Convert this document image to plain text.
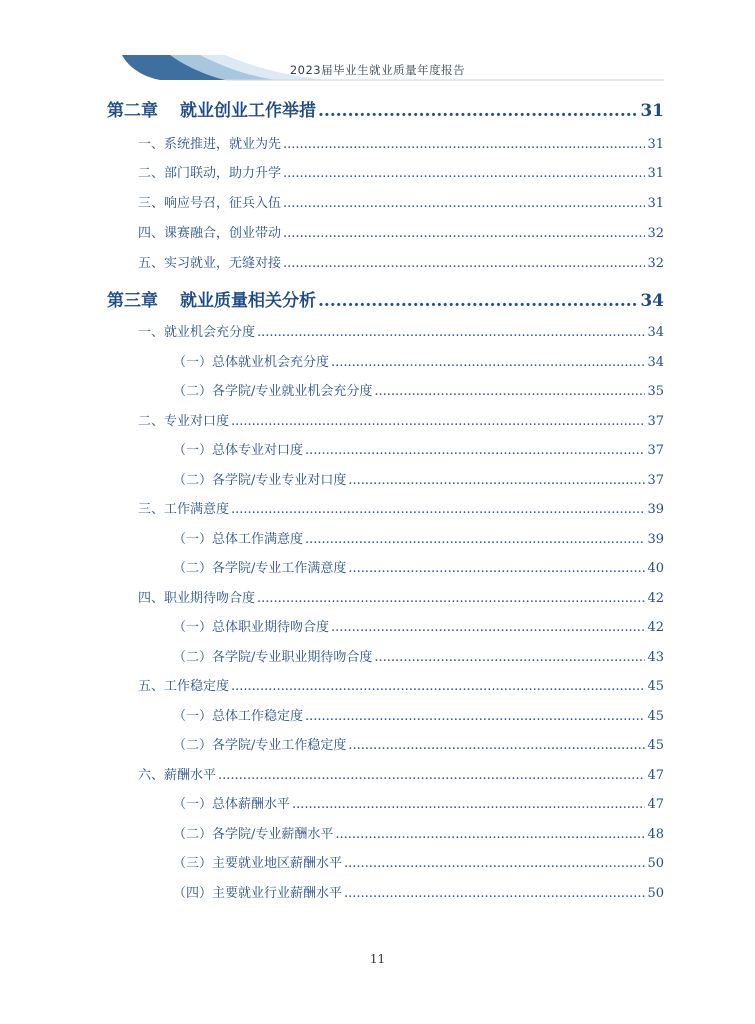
2023届毕业生就业质量年度报告
第二章 就业创业工作举措 .....	31
一、系统推进，就业为先 .....	31
二、部门联动，助力升学 .....	31
三、响应号召，征兵入伍 .....	31
四、课赛融合，创业带动 .....	32
五、实习就业，无缝对接 .....	32
第三章 就业质量相关分析 .....	34
一、就业机会充分度 .....	34
（一）总体就业机会充分度 .....	34
（二）各学院/专业就业机会充分度 .....	35
二、专业对口度 .....	37
（一）总体专业对口度 .....	37
（二）各学院/专业专业对口度 .....	37
三、工作满意度 .....	39
（一）总体工作满意度 .....	39
（二）各学院/专业工作满意度 .....	40
四、职业期待吻合度 .....	42
（一）总体职业期待吻合度 .....	42
（二）各学院/专业职业期待吻合度 .....	43
五、工作稳定度 .....	45
（一）总体工作稳定度 .....	45
（二）各学院/专业工作稳定度 .....	45
六、薪酬水平 .....	47
（一）总体薪酬水平 .....	47
（二）各学院/专业薪酬水平 .....	48
（三）主要就业地区薪酬水平 .....	50
（四）主要就业行业薪酬水平 .....	50
11
